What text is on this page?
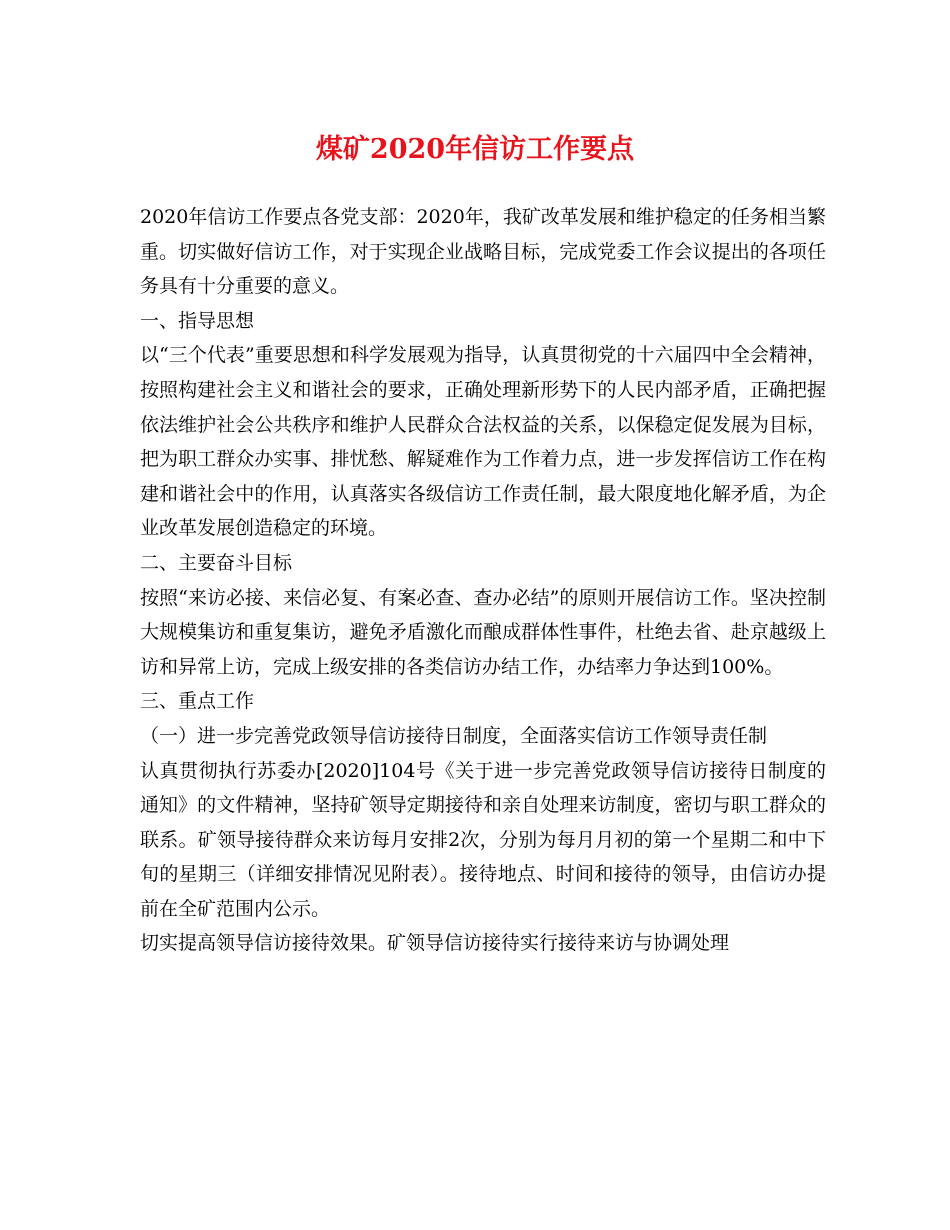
煤矿2020年信访工作要点

2020年信访工作要点各党支部：2020年，我矿改革发展和维护稳定的任务相当繁重。切实做好信访工作，对于实现企业战略目标，完成党委工作会议提出的各项任务具有十分重要的意义。

一、指导思想

以“三个代表”重要思想和科学发展观为指导，认真贯彻党的十六届四中全会精神，按照构建社会主义和谐社会的要求，正确处理新形势下的人民内部矛盾，正确把握依法维护社会公共秩序和维护人民群众合法权益的关系，以保稳定促发展为目标，把为职工群众办实事、排忧愁、解疑难作为工作着力点，进一步发挥信访工作在构建和谐社会中的作用，认真落实各级信访工作责任制，最大限度地化解矛盾，为企业改革发展创造稳定的环境。

二、主要奋斗目标

按照“来访必接、来信必复、有案必查、查办必结”的原则开展信访工作。坚决控制大规模集访和重复集访，避免矛盾激化而酿成群体性事件，杜绝去省、赴京越级上访和异常上访，完成上级安排的各类信访办结工作，办结率力争达到100%。

三、重点工作

（一）进一步完善党政领导信访接待日制度，全面落实信访工作领导责任制

认真贯彻执行苏委办[2020]104号《关于进一步完善党政领导信访接待日制度的通知》的文件精神，坚持矿领导定期接待和亲自处理来访制度，密切与职工群众的联系。矿领导接待群众来访每月安排2次，分别为每月月初的第一个星期二和中下旬的星期三（详细安排情况见附表）。接待地点、时间和接待的领导，由信访办提前在全矿范围内公示。

切实提高领导信访接待效果。矿领导信访接待实行接待来访与协调处理
